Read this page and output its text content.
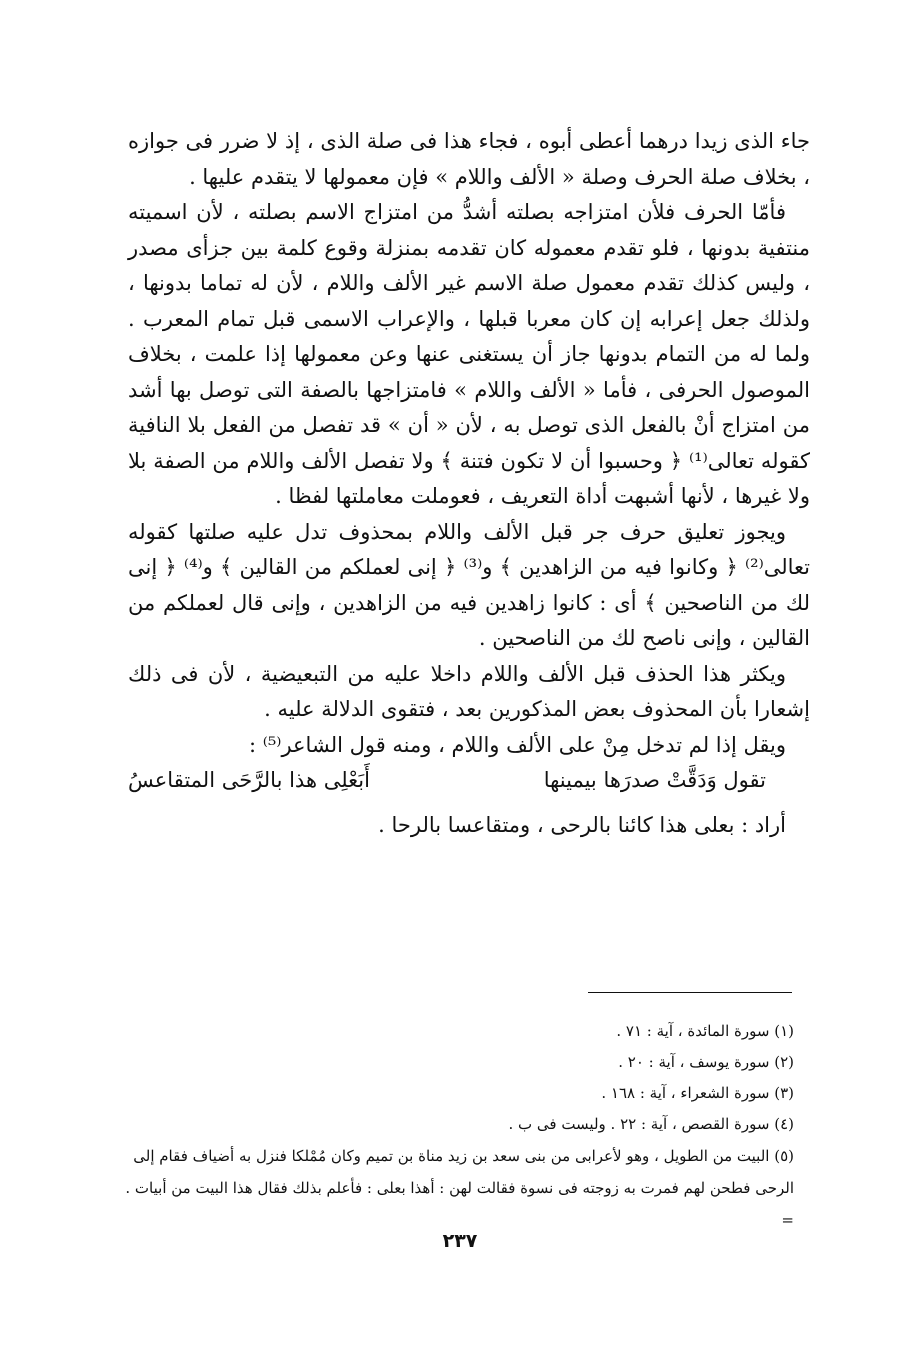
جاء الذى زيدا درهما أعطى أبوه ، فجاء هذا فى صلة الذى ، إذ لا ضرر فى جوازه ، بخلاف صلة الحرف وصلة « الألف واللام » فإن معمولها لا يتقدم عليها .

فأمّا الحرف فلأن امتزاجه بصلته أشدُّ من امتزاج الاسم بصلته ، لأن اسميته منتفية بدونها ، فلو تقدم معموله كان تقدمه بمنزلة وقوع كلمة بين جزأى مصدر ، وليس كذلك تقدم معمول صلة الاسم غير الألف واللام ، لأن له تماما بدونها ، ولذلك جعل إعرابه إن كان معربا قبلها ، والإعراب الاسمى قبل تمام المعرب . ولما له من التمام بدونها جاز أن يستغنى عنها وعن معمولها إذا علمت ، بخلاف الموصول الحرفى ، فأما « الألف واللام » فامتزاجها بالصفة التى توصل بها أشد من امتزاج أنْ بالفعل الذى توصل به ، لأن « أن » قد تفصل من الفعل بلا النافية كقوله تعالى⁽¹⁾ ﴿ وحسبوا أن لا تكون فتنة ﴾ ولا تفصل الألف واللام من الصفة بلا ولا غيرها ، لأنها أشبهت أداة التعريف ، فعوملت معاملتها لفظا .

ويجوز تعليق حرف جر قبل الألف واللام بمحذوف تدل عليه صلتها كقوله تعالى⁽²⁾ ﴿ وكانوا فيه من الزاهدين ﴾ و⁽³⁾ ﴿ إنى لعملكم من القالين ﴾ و⁽⁴⁾ ﴿ إنى لك من الناصحين ﴾ أى : كانوا زاهدين فيه من الزاهدين ، وإنى قال لعملكم من القالين ، وإنى ناصح لك من الناصحين .

ويكثر هذا الحذف قبل الألف واللام داخلا عليه من التبعيضية ، لأن فى ذلك إشعارا بأن المحذوف بعض المذكورين بعد ، فتقوى الدلالة عليه .

ويقل إذا لم تدخل مِنْ على الألف واللام ، ومنه قول الشاعر⁽⁵⁾ :

تقول وَدَقَّتْ صدرَها بيمينها
أَبَعْلِى هذا بالرَّحَى المتقاعسُ

أراد : بعلى هذا كائنا بالرحى ، ومتقاعسا بالرحا .

(١) سورة المائدة ، آية : ٧١ .

(٢) سورة يوسف ، آية : ٢٠ .

(٣) سورة الشعراء ، آية : ١٦٨ .

(٤) سورة القصص ، آية : ٢٢ . وليست فى ب .

(٥) البيت من الطويل ، وهو لأعرابى من بنى سعد بن زيد مناة بن تميم وكان مُمْلكا فنزل به أضياف فقام إلى الرحى فطحن لهم فمرت به زوجته فى نسوة فقالت لهن : أهذا بعلى : فأعلم بذلك فقال هذا البيت من أبيات . =

٢٣٧
